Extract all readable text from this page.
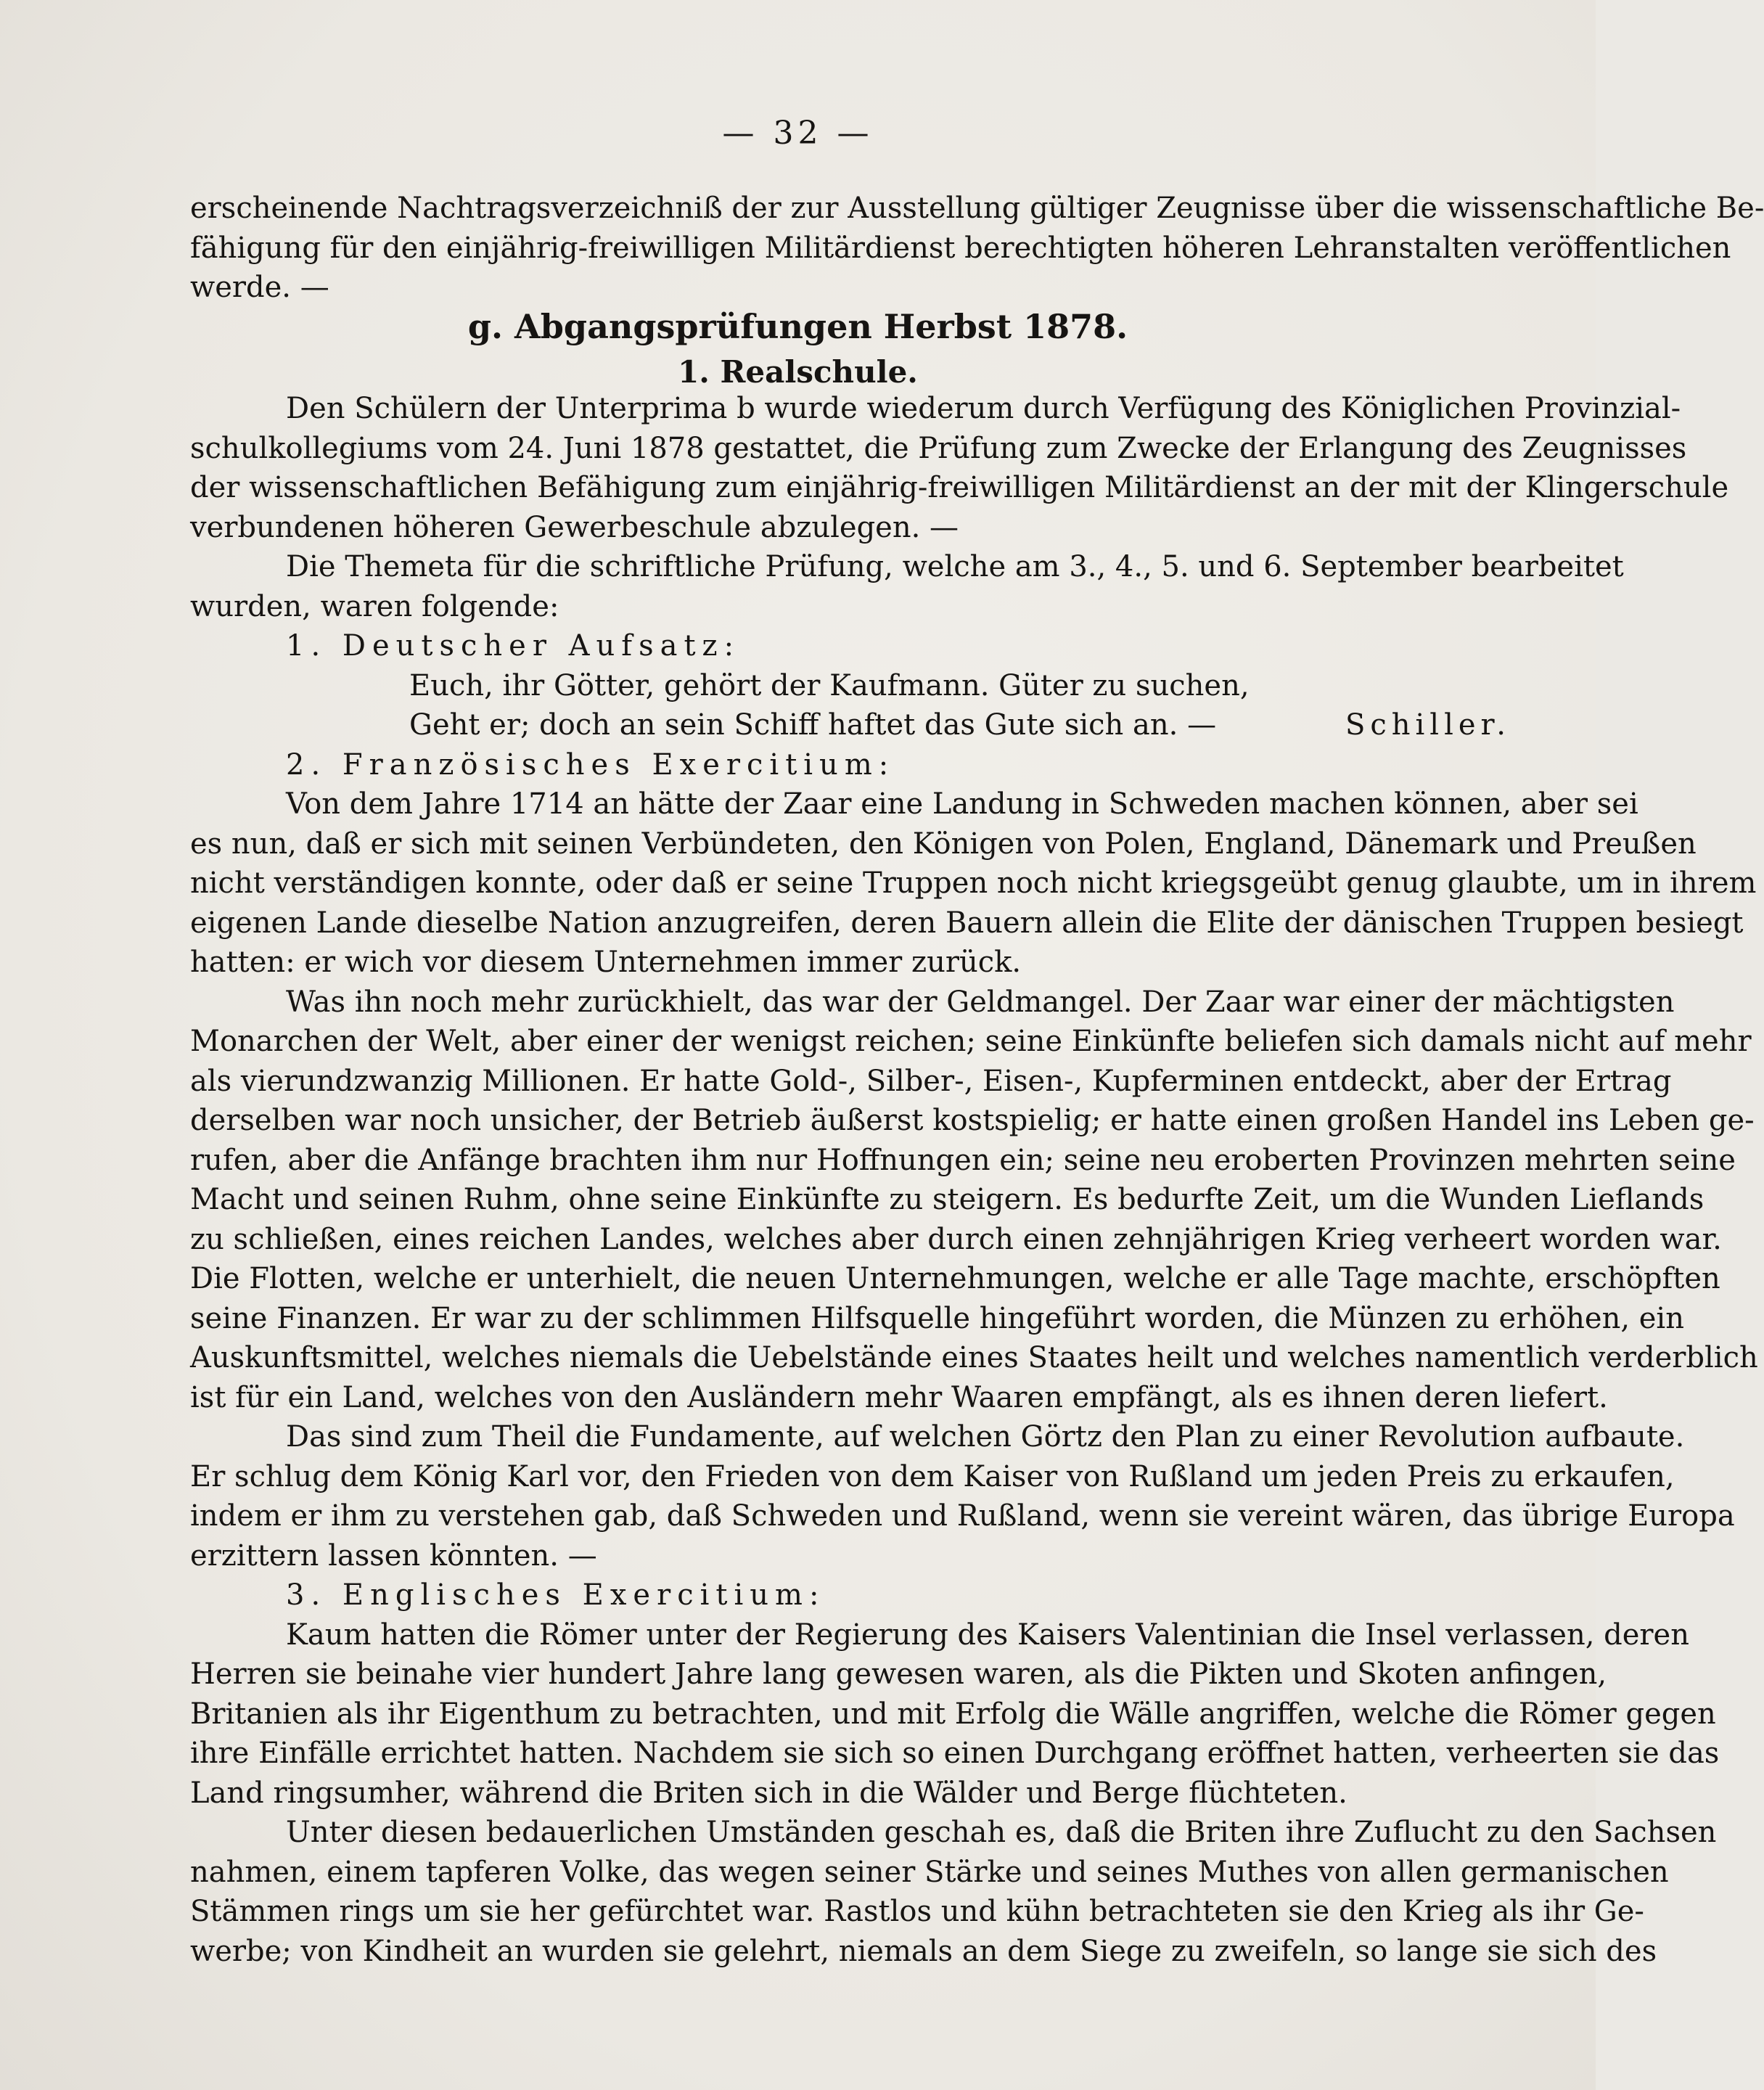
— 32 —
erscheinende Nachtragsverzeichniß der zur Ausstellung gültiger Zeugnisse über die wissenschaftliche Be-
fähigung für den einjährig-freiwilligen Militärdienst berechtigten höheren Lehranstalten veröffentlichen
werde. —
g. Abgangsprüfungen Herbst 1878.
1. Realschule.
Den Schülern der Unterprima b wurde wiederum durch Verfügung des Königlichen Provinzial-
schulkollegiums vom 24. Juni 1878 gestattet, die Prüfung zum Zwecke der Erlangung des Zeugnisses
der wissenschaftlichen Befähigung zum einjährig-freiwilligen Militärdienst an der mit der Klingerschule
verbundenen höheren Gewerbeschule abzulegen. —
Die Themeta für die schriftliche Prüfung, welche am 3., 4., 5. und 6. September bearbeitet
wurden, waren folgende:
1. Deutscher Aufsatz:
Euch, ihr Götter, gehört der Kaufmann. Güter zu suchen,
Geht er; doch an sein Schiff haftet das Gute sich an. —	Schiller.
2. Französisches Exercitium:
Von dem Jahre 1714 an hätte der Zaar eine Landung in Schweden machen können, aber sei
es nun, daß er sich mit seinen Verbündeten, den Königen von Polen, England, Dänemark und Preußen
nicht verständigen konnte, oder daß er seine Truppen noch nicht kriegsgeübt genug glaubte, um in ihrem
eigenen Lande dieselbe Nation anzugreifen, deren Bauern allein die Elite der dänischen Truppen besiegt
hatten: er wich vor diesem Unternehmen immer zurück.
Was ihn noch mehr zurückhielt, das war der Geldmangel. Der Zaar war einer der mächtigsten
Monarchen der Welt, aber einer der wenigst reichen; seine Einkünfte beliefen sich damals nicht auf mehr
als vierundzwanzig Millionen. Er hatte Gold-, Silber-, Eisen-, Kupferminen entdeckt, aber der Ertrag
derselben war noch unsicher, der Betrieb äußerst kostspielig; er hatte einen großen Handel ins Leben ge-
rufen, aber die Anfänge brachten ihm nur Hoffnungen ein; seine neu eroberten Provinzen mehrten seine
Macht und seinen Ruhm, ohne seine Einkünfte zu steigern. Es bedurfte Zeit, um die Wunden Lieflands
zu schließen, eines reichen Landes, welches aber durch einen zehnjährigen Krieg verheert worden war.
Die Flotten, welche er unterhielt, die neuen Unternehmungen, welche er alle Tage machte, erschöpften
seine Finanzen. Er war zu der schlimmen Hilfsquelle hingeführt worden, die Münzen zu erhöhen, ein
Auskunftsmittel, welches niemals die Uebelstände eines Staates heilt und welches namentlich verderblich
ist für ein Land, welches von den Ausländern mehr Waaren empfängt, als es ihnen deren liefert.
Das sind zum Theil die Fundamente, auf welchen Görtz den Plan zu einer Revolution aufbaute.
Er schlug dem König Karl vor, den Frieden von dem Kaiser von Rußland um jeden Preis zu erkaufen,
indem er ihm zu verstehen gab, daß Schweden und Rußland, wenn sie vereint wären, das übrige Europa
erzittern lassen könnten. —
3. Englisches Exercitium:
Kaum hatten die Römer unter der Regierung des Kaisers Valentinian die Insel verlassen, deren
Herren sie beinahe vier hundert Jahre lang gewesen waren, als die Pikten und Skoten anfingen,
Britanien als ihr Eigenthum zu betrachten, und mit Erfolg die Wälle angriffen, welche die Römer gegen
ihre Einfälle errichtet hatten. Nachdem sie sich so einen Durchgang eröffnet hatten, verheerten sie das
Land ringsumher, während die Briten sich in die Wälder und Berge flüchteten.
Unter diesen bedauerlichen Umständen geschah es, daß die Briten ihre Zuflucht zu den Sachsen
nahmen, einem tapferen Volke, das wegen seiner Stärke und seines Muthes von allen germanischen
Stämmen rings um sie her gefürchtet war. Rastlos und kühn betrachteten sie den Krieg als ihr Ge-
werbe; von Kindheit an wurden sie gelehrt, niemals an dem Siege zu zweifeln, so lange sie sich des
